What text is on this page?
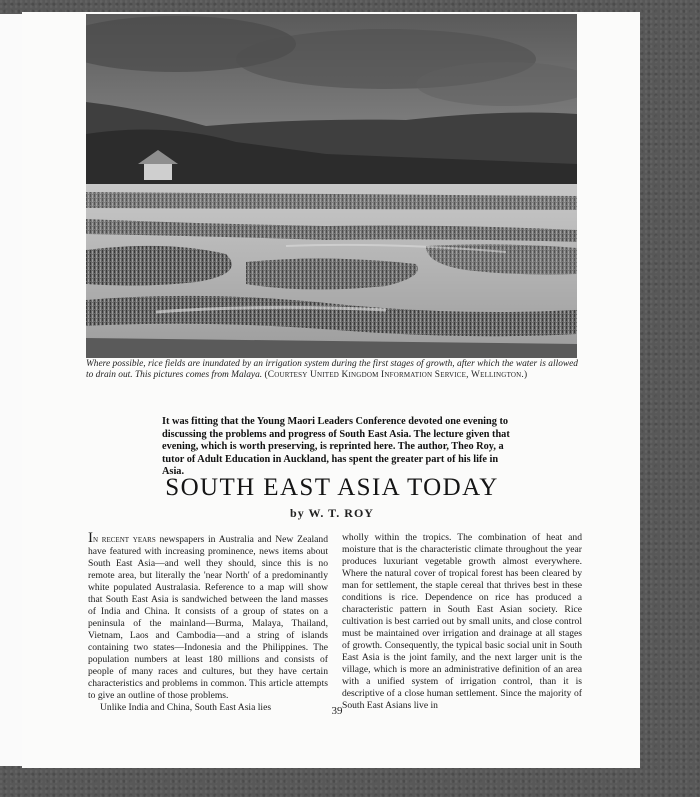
Where possible, rice fields are inundated by an irrigation system during the first stages of growth, after which the water is allowed to drain out. This pictures comes from Malaya. (Courtesy United Kingdom Information Service, Wellington.)
It was fitting that the Young Maori Leaders Conference devoted one evening to discussing the problems and progress of South East Asia. The lecture given that evening, which is worth preserving, is reprinted here. The author, Theo Roy, a tutor of Adult Education in Auckland, has spent the greater part of his life in Asia.
SOUTH EAST ASIA TODAY
by W. T. ROY

In recent years newspapers in Australia and New Zealand have featured with increasing prominence, news items about South East Asia—and well they should, since this is no remote area, but literally the 'near North' of a predominantly white populated Australasia. Reference to a map will show that South East Asia is sandwiched between the land masses of India and China. It consists of a group of states on a peninsula of the mainland—Burma, Malaya, Thailand, Vietnam, Laos and Cambodia—and a string of islands containing two states—Indonesia and the Philippines. The population numbers at least 180 millions and consists of people of many races and cultures, but they have certain characteristics and problems in common. This article attempts to give an outline of those problems.

Unlike India and China, South East Asia lies

wholly within the tropics. The combination of heat and moisture that is the characteristic climate throughout the year produces luxuriant vegetable growth almost everywhere. Where the natural cover of tropical forest has been cleared by man for settlement, the staple cereal that thrives best in these conditions is rice. Dependence on rice has produced a characteristic pattern in South East Asian society. Rice cultivation is best carried out by small units, and close control must be maintained over irrigation and drainage at all stages of growth. Consequently, the typical basic social unit in South East Asia is the joint family, and the next larger unit is the village, which is more an administrative definition of an area with a unified system of irrigation control, than it is descriptive of a close human settlement. Since the majority of South East Asians live in

39
